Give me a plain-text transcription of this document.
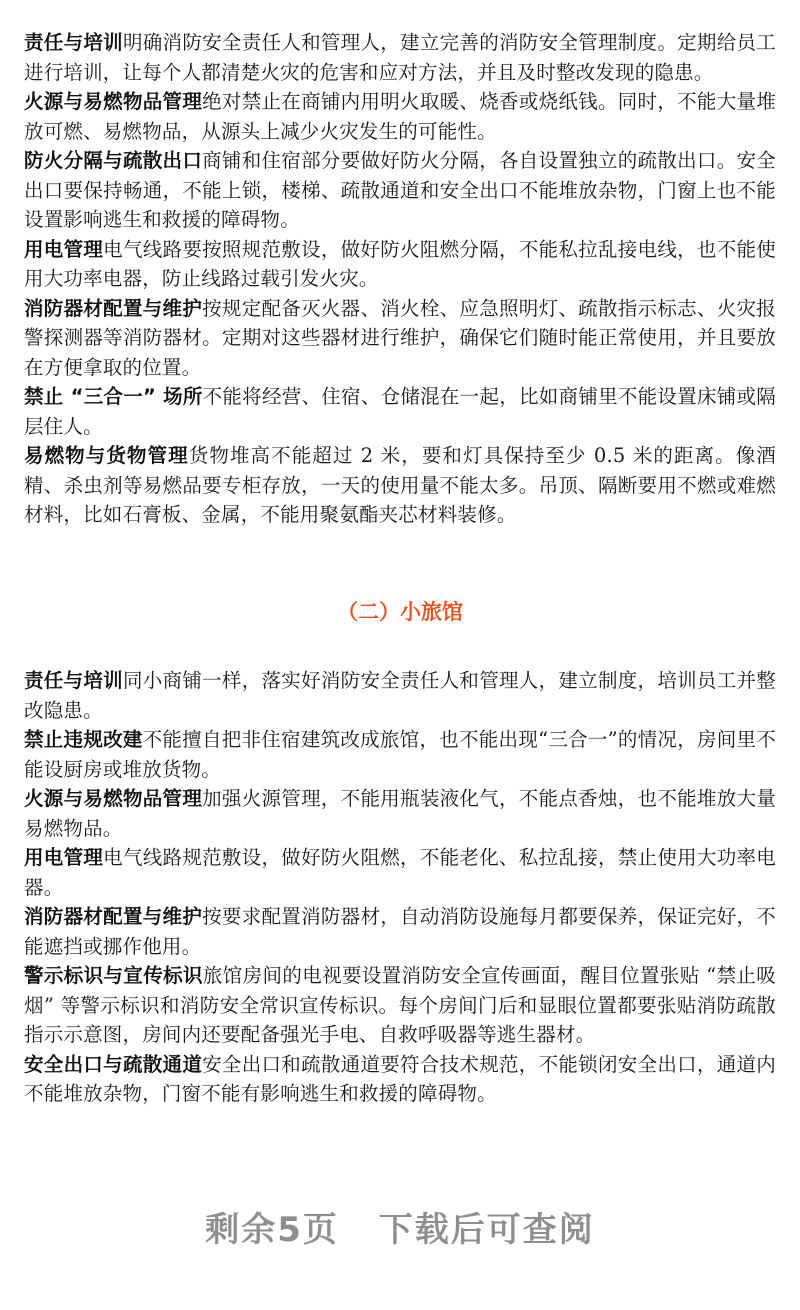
责任与培训明确消防安全责任人和管理人，建立完善的消防安全管理制度。定期给员工进行培训，让每个人都清楚火灾的危害和应对方法，并且及时整改发现的隐患。

火源与易燃物品管理绝对禁止在商铺内用明火取暖、烧香或烧纸钱。同时，不能大量堆放可燃、易燃物品，从源头上减少火灾发生的可能性。

防火分隔与疏散出口商铺和住宿部分要做好防火分隔，各自设置独立的疏散出口。安全出口要保持畅通，不能上锁，楼梯、疏散通道和安全出口不能堆放杂物，门窗上也不能设置影响逃生和救援的障碍物。

用电管理电气线路要按照规范敷设，做好防火阻燃分隔，不能私拉乱接电线，也不能使用大功率电器，防止线路过载引发火灾。

消防器材配置与维护按规定配备灭火器、消火栓、应急照明灯、疏散指示标志、火灾报警探测器等消防器材。定期对这些器材进行维护，确保它们随时能正常使用，并且要放在方便拿取的位置。

禁止 “三合一” 场所不能将经营、住宿、仓储混在一起，比如商铺里不能设置床铺或隔层住人。

易燃物与货物管理货物堆高不能超过 2 米，要和灯具保持至少 0.5 米的距离。像酒精、杀虫剂等易燃品要专柜存放，一天的使用量不能太多。吊顶、隔断要用不燃或难燃材料，比如石膏板、金属，不能用聚氨酯夹芯材料装修。

（二）小旅馆

责任与培训同小商铺一样，落实好消防安全责任人和管理人，建立制度，培训员工并整改隐患。

禁止违规改建不能擅自把非住宿建筑改成旅馆，也不能出现“三合一”的情况，房间里不能设厨房或堆放货物。

火源与易燃物品管理加强火源管理，不能用瓶装液化气，不能点香烛，也不能堆放大量易燃物品。

用电管理电气线路规范敷设，做好防火阻燃，不能老化、私拉乱接，禁止使用大功率电器。

消防器材配置与维护按要求配置消防器材，自动消防设施每月都要保养，保证完好，不能遮挡或挪作他用。

警示标识与宣传标识旅馆房间的电视要设置消防安全宣传画面，醒目位置张贴 “禁止吸烟” 等警示标识和消防安全常识宣传标识。每个房间门后和显眼位置都要张贴消防疏散指示示意图，房间内还要配备强光手电、自救呼吸器等逃生器材。

安全出口与疏散通道安全出口和疏散通道要符合技术规范，不能锁闭安全出口，通道内不能堆放杂物，门窗不能有影响逃生和救援的障碍物。

剩余5页 下载后可查阅
